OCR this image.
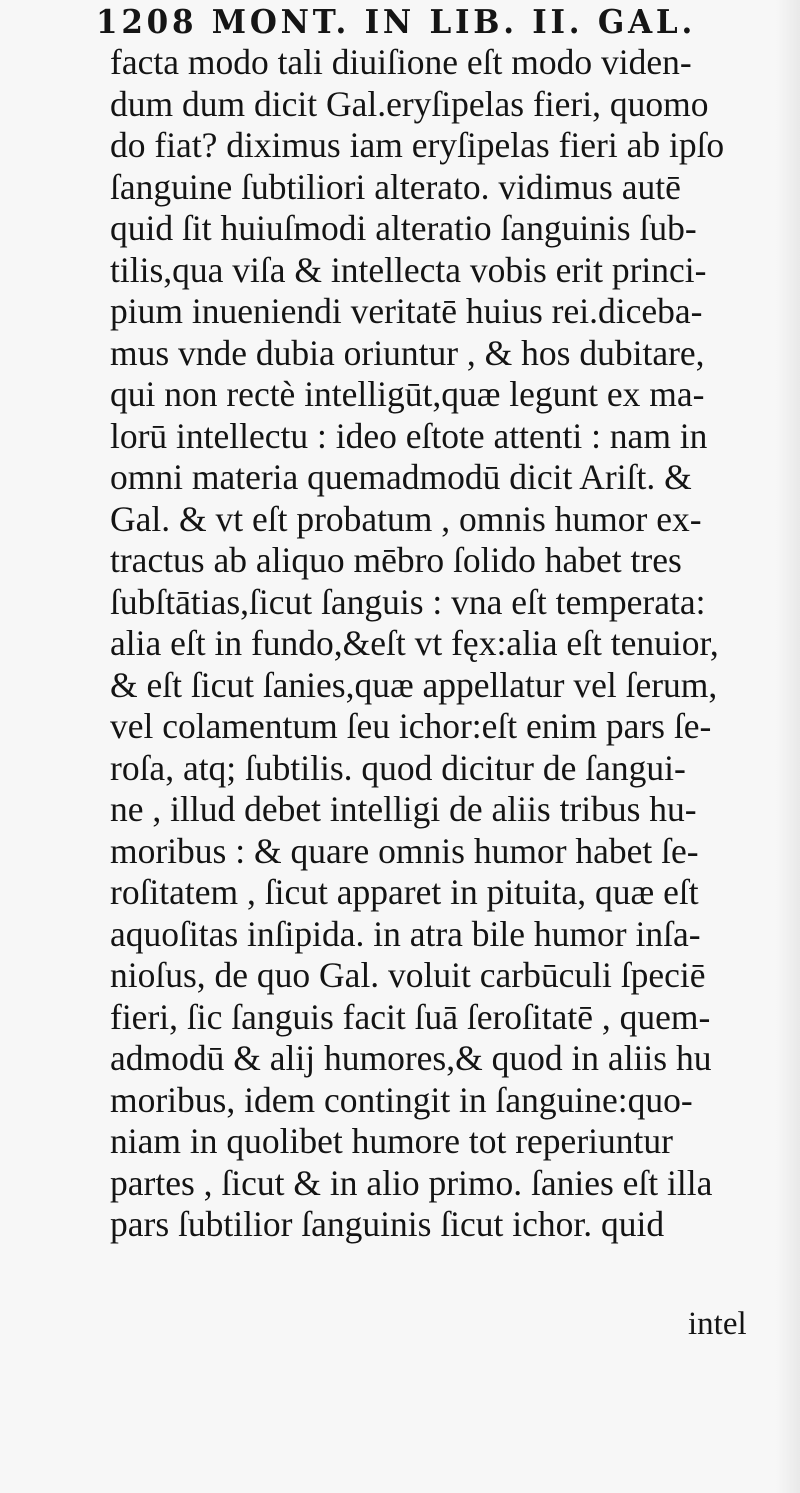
1208 MONT. IN LIB. II. GAL.
facta modo tali diuiſione eſt modo viden-
dum dum dicit Gal.eryſipelas fieri, quomo
do fiat? diximus iam eryſipelas fieri ab ipſo
ſanguine ſubtiliori alterato. vidimus autē
quid ſit huiuſmodi alteratio ſanguinis ſub-
tilis,qua viſa & intellecta vobis erit princi-
pium inueniendi veritatē huius rei.diceba-
mus vnde dubia oriuntur , & hos dubitare,
qui non rectè intelligūt,quæ legunt ex ma-
lorū intellectu : ideo eſtote attenti : nam in
omni materia quemadmodū dicit Ariſt. &
Gal. & vt eſt probatum , omnis humor ex-
tractus ab aliquo mēbro ſolido habet tres
ſubſtātias,ſicut ſanguis : vna eſt temperata:
alia eſt in fundo,&eſt vt fęx:alia eſt tenuior,
& eſt ſicut ſanies,quæ appellatur vel ſerum,
vel colamentum ſeu ichor:eſt enim pars ſe-
roſa, atq; ſubtilis. quod dicitur de ſangui-
ne , illud debet intelligi de aliis tribus hu-
moribus : & quare omnis humor habet ſe-
roſitatem , ſicut apparet in pituita, quæ eſt
aquoſitas inſipida. in atra bile humor inſa-
nioſus, de quo Gal. voluit carbūculi ſpeciē
fieri, ſic ſanguis facit ſuā ſeroſitatē , quem-
admodū & alij humores,& quod in aliis hu
moribus, idem contingit in ſanguine:quo-
niam in quolibet humore tot reperiuntur
partes , ſicut & in alio primo. ſanies eſt illa
pars ſubtilior ſanguinis ſicut ichor. quid
intel
